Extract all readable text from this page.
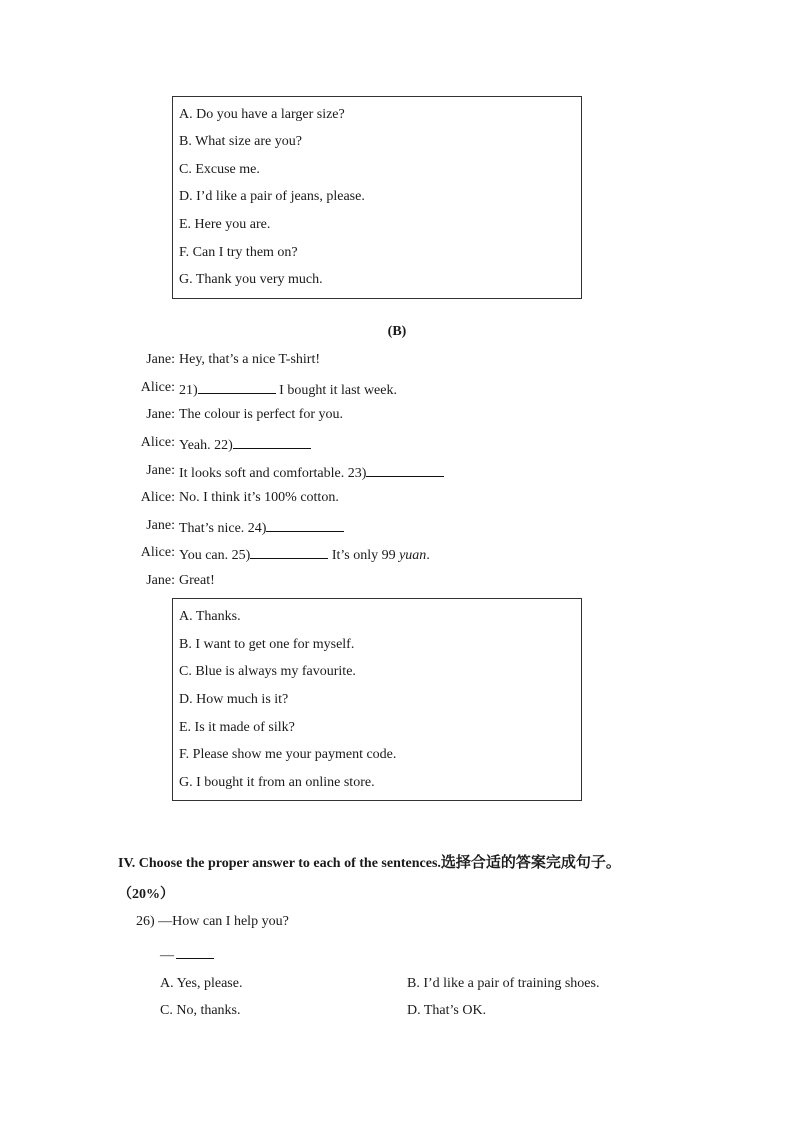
A. Do you have a larger size?
B. What size are you?
C. Excuse me.
D. I’d like a pair of jeans, please.
E. Here you are.
F. Can I try them on?
G. Thank you very much.
(B)
Jane: Hey, that’s a nice T-shirt!
Alice: 21)	I bought it last week.
Jane: The colour is perfect for you.
Alice: Yeah. 22)
Jane: It looks soft and comfortable. 23)
Alice: No. I think it’s 100% cotton.
Jane: That’s nice. 24)
Alice: You can. 25)	It’s only 99 yuan.
Jane: Great!
A. Thanks.
B. I want to get one for myself.
C. Blue is always my favourite.
D. How much is it?
E. Is it made of silk?
F. Please show me your payment code.
G. I bought it from an online store.
IV. Choose the proper answer to each of the sentences.选择合适的答案完成句子。
（20%）
26) —How can I help you?
—
A. Yes, please.	B. I’d like a pair of training shoes.
C. No, thanks.	D. That’s OK.
